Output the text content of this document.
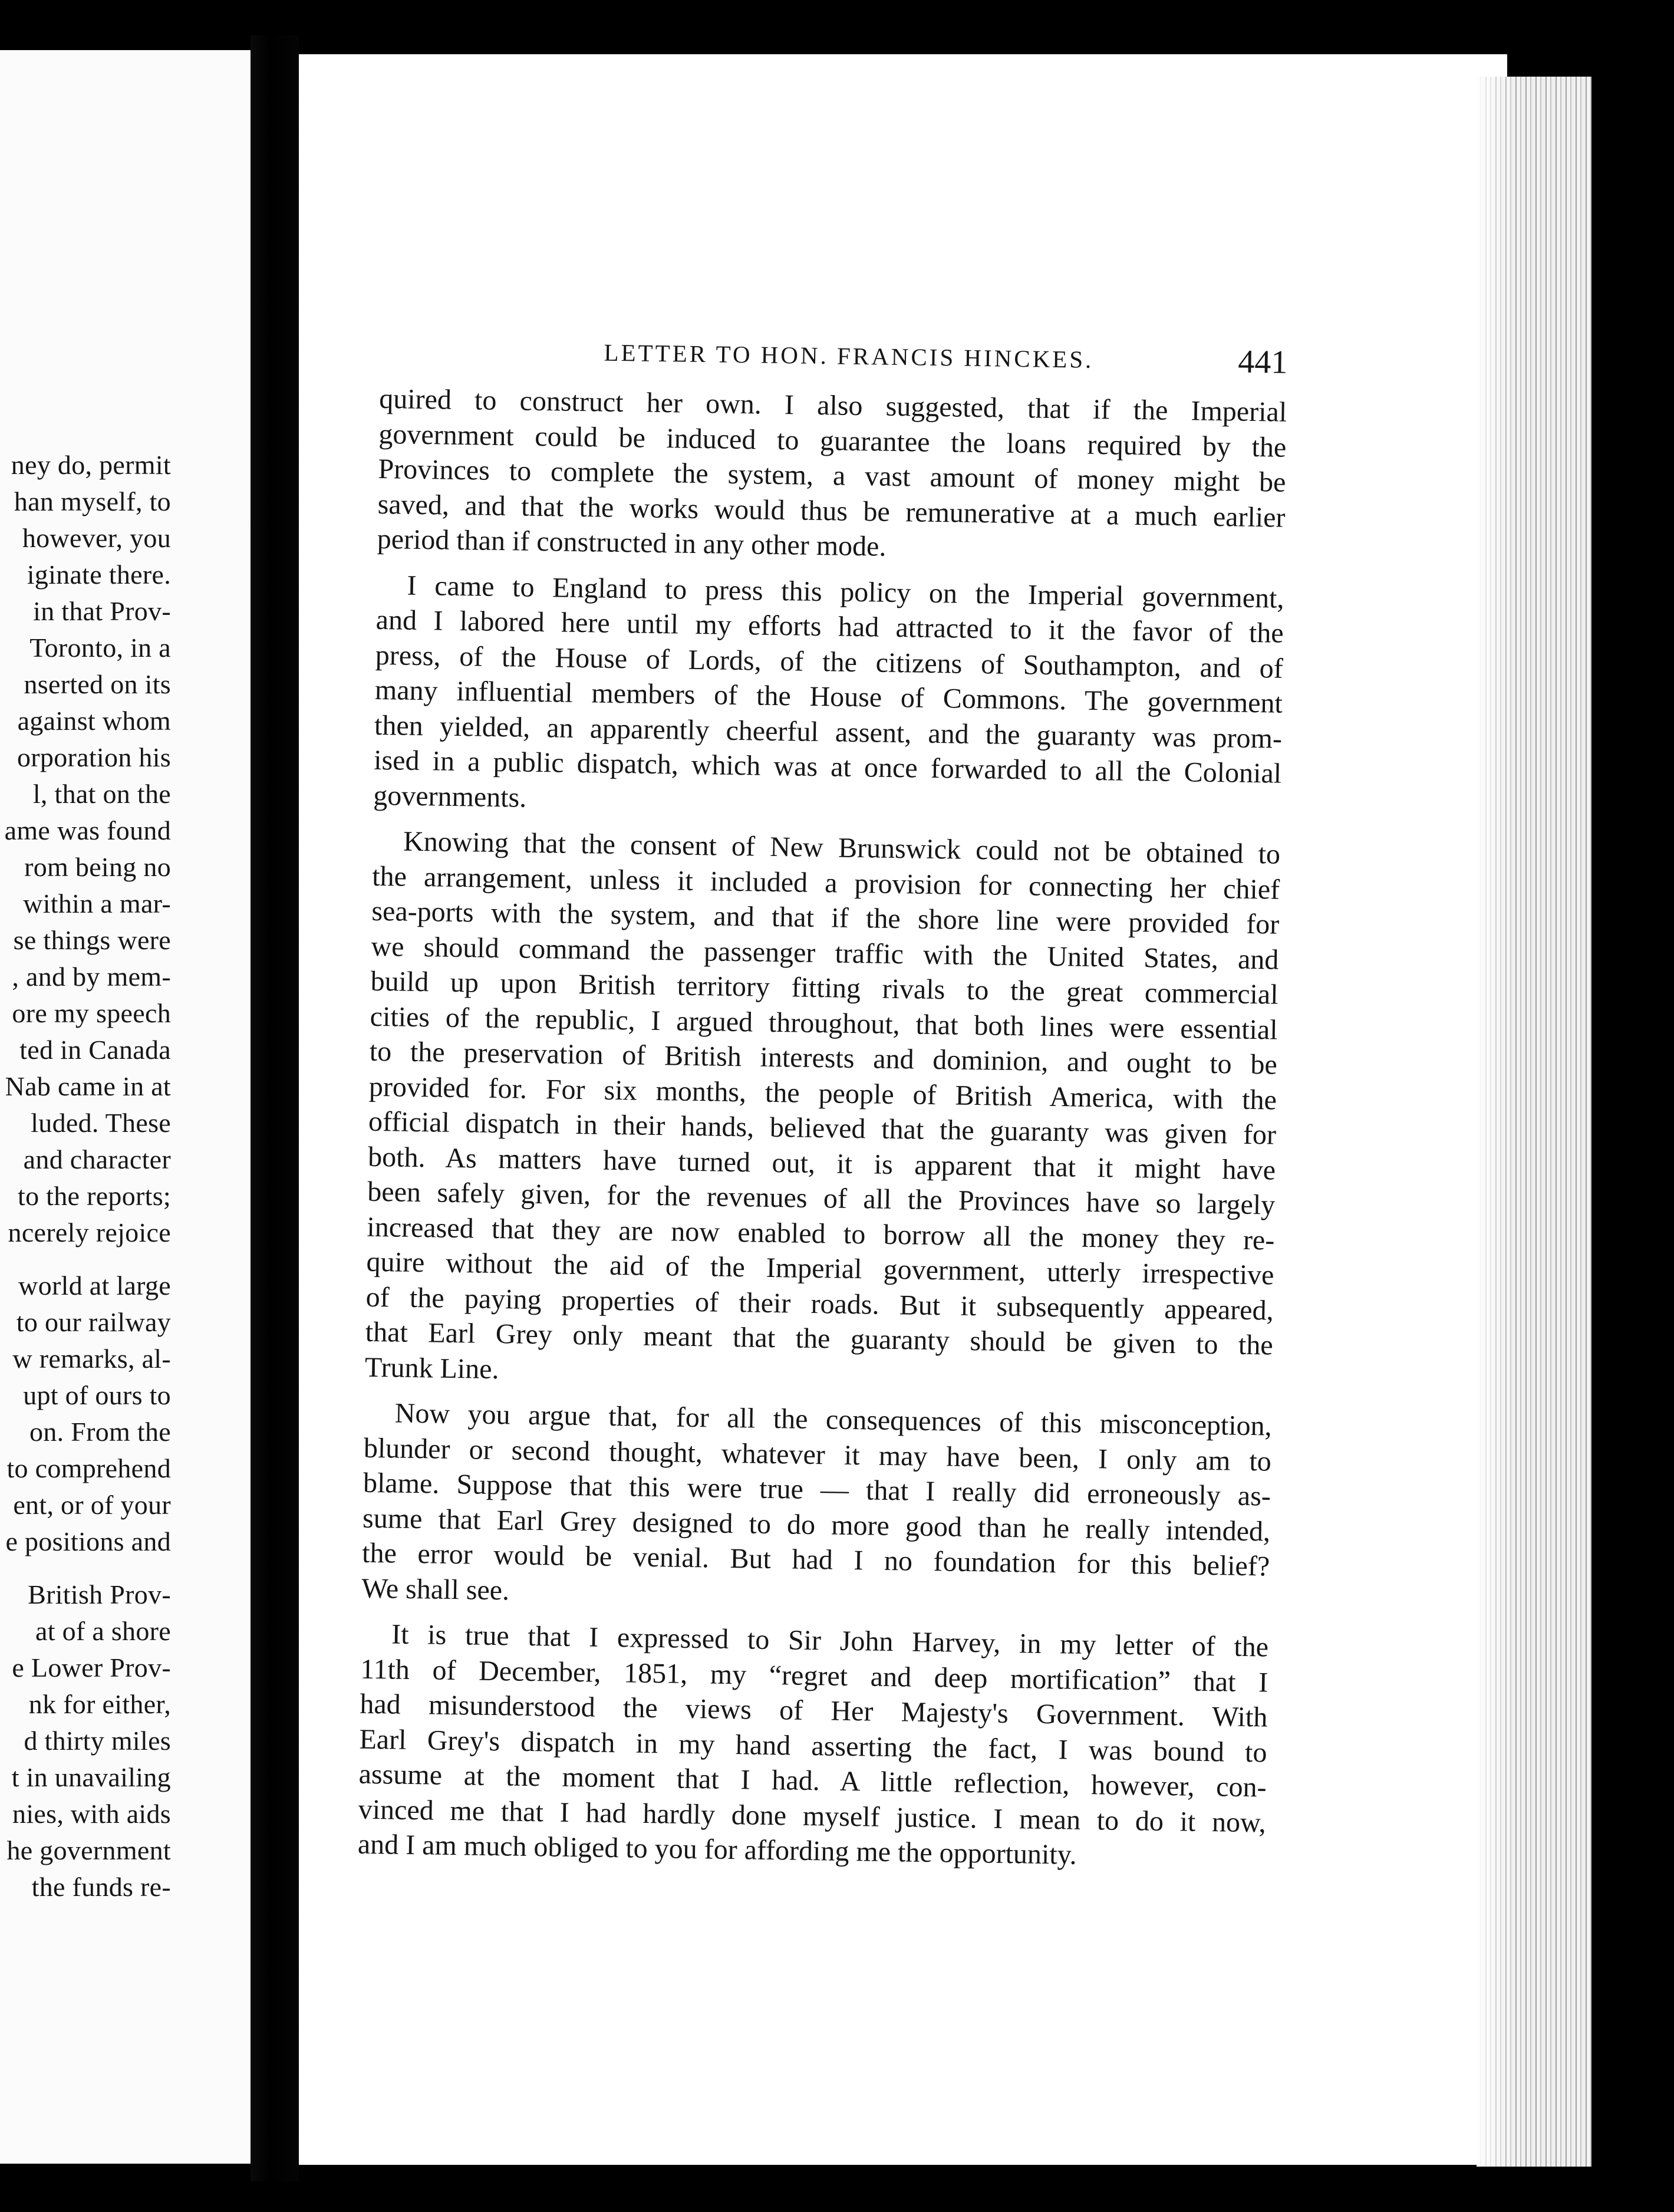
ney do, permit
han myself, to
however, you
iginate there.
in that Prov-
Toronto, in a
nserted on its
against whom
orporation his
l, that on the
ame was found
rom being no
within a mar-
se things were
, and by mem-
ore my speech
ted in Canada
Nab came in at
luded. These
and character
to the reports;
ncerely rejoice
world at large
to our railway
w remarks, al-
upt of ours to
on. From the
to comprehend
ent, or of your
e positions and
British Prov-
at of a shore
e Lower Prov-
nk for either,
d thirty miles
t in unavailing
nies, with aids
he government
the funds re-
LETTER TO HON. FRANCIS HINCKES.	441
quired to construct her own. I also suggested, that if the Imperial
government could be induced to guarantee the loans required by the
Provinces to complete the system, a vast amount of money might be
saved, and that the works would thus be remunerative at a much earlier
period than if constructed in any other mode.
I came to England to press this policy on the Imperial government,
and I labored here until my efforts had attracted to it the favor of the
press, of the House of Lords, of the citizens of Southampton, and of
many influential members of the House of Commons. The government
then yielded, an apparently cheerful assent, and the guaranty was prom-
ised in a public dispatch, which was at once forwarded to all the Colonial
governments.
Knowing that the consent of New Brunswick could not be obtained to
the arrangement, unless it included a provision for connecting her chief
sea-ports with the system, and that if the shore line were provided for
we should command the passenger traffic with the United States, and
build up upon British territory fitting rivals to the great commercial
cities of the republic, I argued throughout, that both lines were essential
to the preservation of British interests and dominion, and ought to be
provided for. For six months, the people of British America, with the
official dispatch in their hands, believed that the guaranty was given for
both. As matters have turned out, it is apparent that it might have
been safely given, for the revenues of all the Provinces have so largely
increased that they are now enabled to borrow all the money they re-
quire without the aid of the Imperial government, utterly irrespective
of the paying properties of their roads. But it subsequently appeared,
that Earl Grey only meant that the guaranty should be given to the
Trunk Line.
Now you argue that, for all the consequences of this misconception,
blunder or second thought, whatever it may have been, I only am to
blame. Suppose that this were true — that I really did erroneously as-
sume that Earl Grey designed to do more good than he really intended,
the error would be venial. But had I no foundation for this belief?
We shall see.
It is true that I expressed to Sir John Harvey, in my letter of the
11th of December, 1851, my “regret and deep mortification” that I
had misunderstood the views of Her Majesty's Government. With
Earl Grey's dispatch in my hand asserting the fact, I was bound to
assume at the moment that I had. A little reflection, however, con-
vinced me that I had hardly done myself justice. I mean to do it now,
and I am much obliged to you for affording me the opportunity.
